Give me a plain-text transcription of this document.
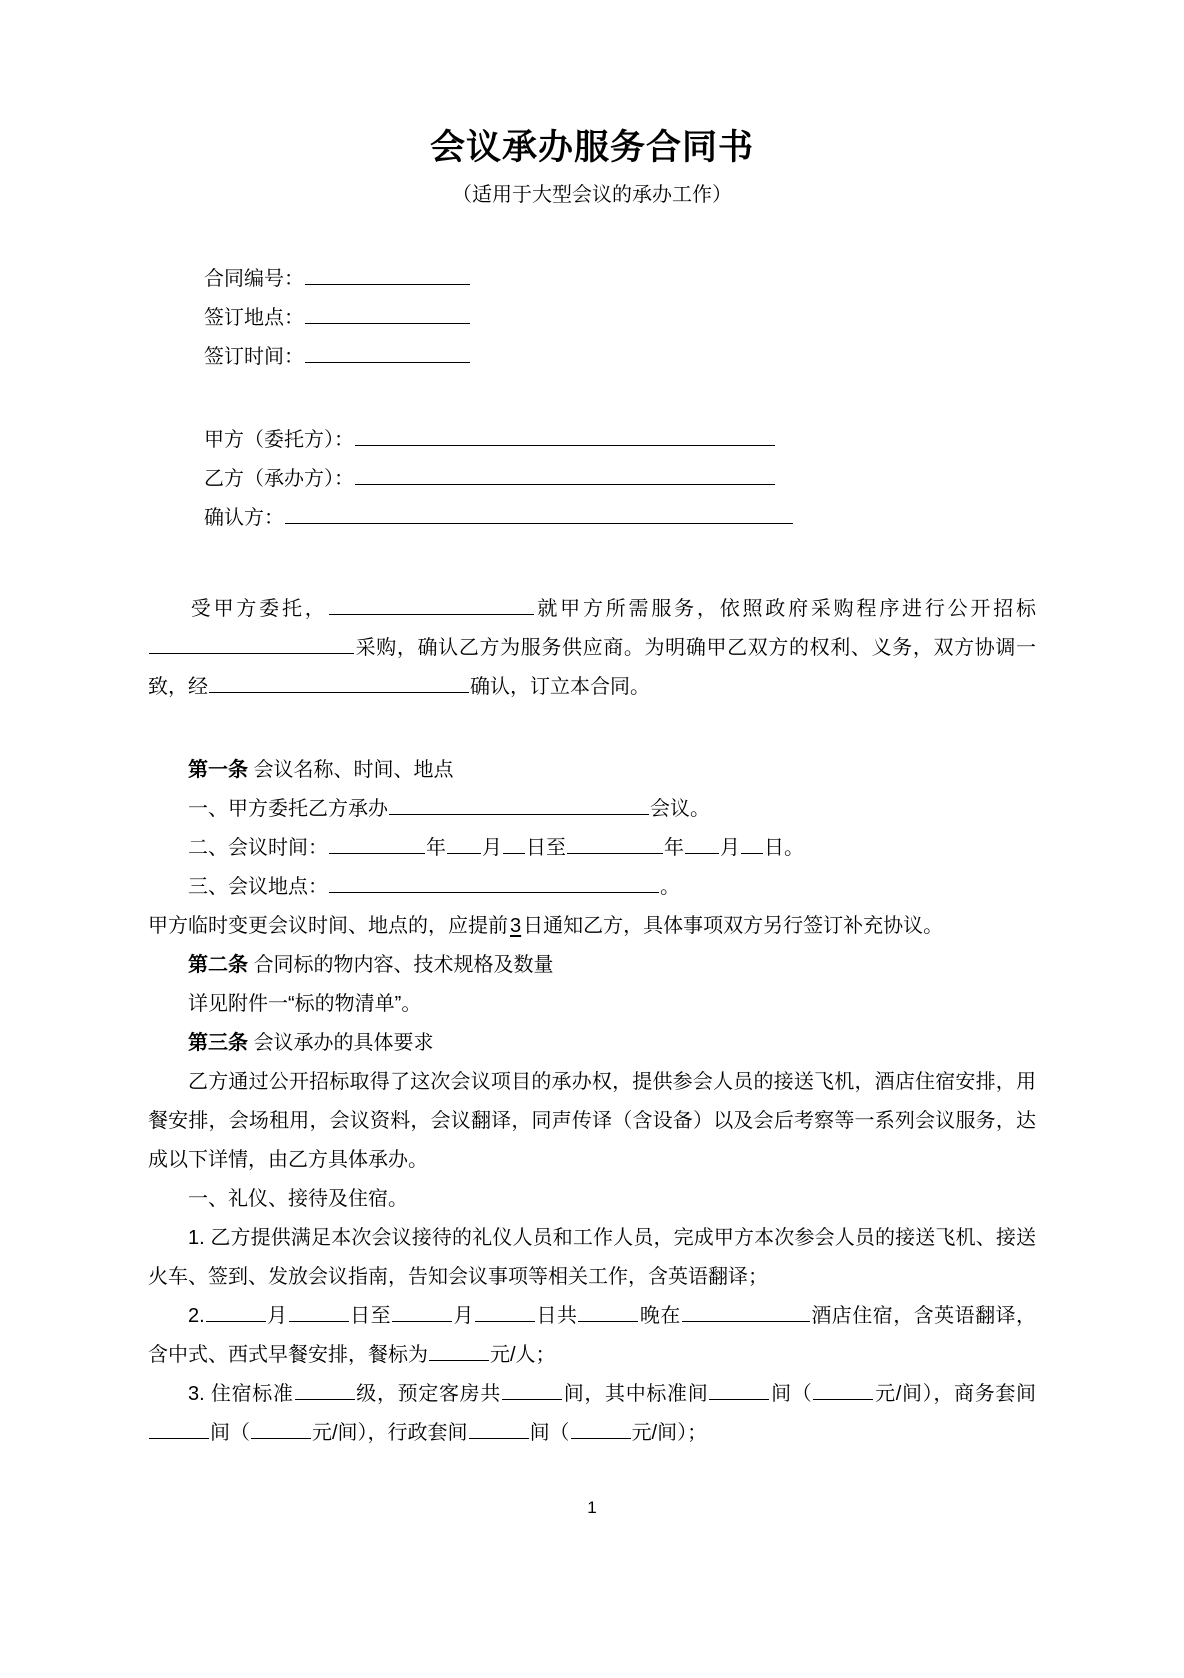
会议承办服务合同书
（适用于大型会议的承办工作）
合同编号：
签订地点：
签订时间：
甲方（委托方）：
乙方（承办方）：
确认方：
受甲方委托，	就甲方所需服务，依照政府采购程序进行公开招标采购，确认乙方为服务供应商。为明确甲乙双方的权利、义务，双方协调一致，经	确认，订立本合同。

第一条 会议名称、时间、地点

一、甲方委托乙方承办	会议。

二、会议时间：	年 月 日至	年 月 日。

三、会议地点：	。

甲方临时变更会议时间、地点的，应提前 3 日通知乙方，具体事项双方另行签订补充协议。

第二条 合同标的物内容、技术规格及数量

详见附件一“标的物清单”。

第三条 会议承办的具体要求

乙方通过公开招标取得了这次会议项目的承办权，提供参会人员的接送飞机，酒店住宿安排，用餐安排，会场租用，会议资料，会议翻译，同声传译（含设备）以及会后考察等一系列会议服务，达成以下详情，由乙方具体承办。

一、礼仪、接待及住宿。

1. 乙方提供满足本次会议接待的礼仪人员和工作人员，完成甲方本次参会人员的接送飞机、接送火车、签到、发放会议指南，告知会议事项等相关工作，含英语翻译；

2.	月	日至	月	日共	晚在	酒店住宿，含英语翻译，含中式、西式早餐安排，餐标为	元/人；

3. 住宿标准	级，预定客房共	间，其中标准间	间（	元/间），商务套间间（	元/间），行政套间	间（	元/间）；

1
